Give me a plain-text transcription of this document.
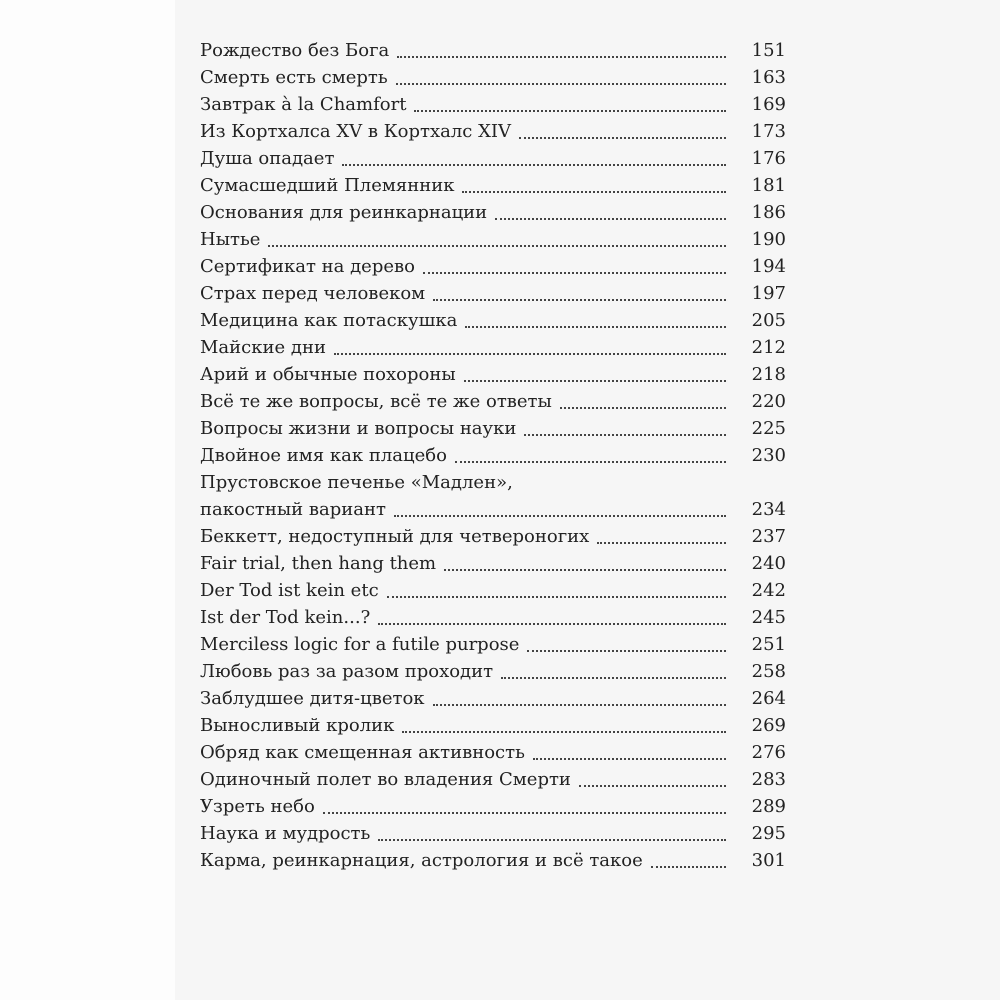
Рождество без Бога	151
Смерть есть смерть	163
Завтрак à la Chamfort	169
Из Кортхалса XV в Кортхалс XIV	173
Душа опадает	176
Сумасшедший Племянник	181
Основания для реинкарнации	186
Нытье	190
Сертификат на дерево	194
Страх перед человеком	197
Медицина как потаскушка	205
Майские дни	212
Арий и обычные похороны	218
Всё те же вопросы, всё те же ответы	220
Вопросы жизни и вопросы науки	225
Двойное имя как плацебо	230
Прустовское печенье «Мадлен»,
пакостный вариант	234
Беккетт, недоступный для четвероногих	237
Fair trial, then hang them	240
Der Tod ist kein etc	242
Ist der Tod kein...?	245
Merciless logic for a futile purpose	251
Любовь раз за разом проходит	258
Заблудшее дитя-цветок	264
Выносливый кролик	269
Обряд как смещенная активность	276
Одиночный полет во владения Смерти	283
Узреть небо	289
Наука и мудрость	295
Карма, реинкарнация, астрология и всё такое	301
